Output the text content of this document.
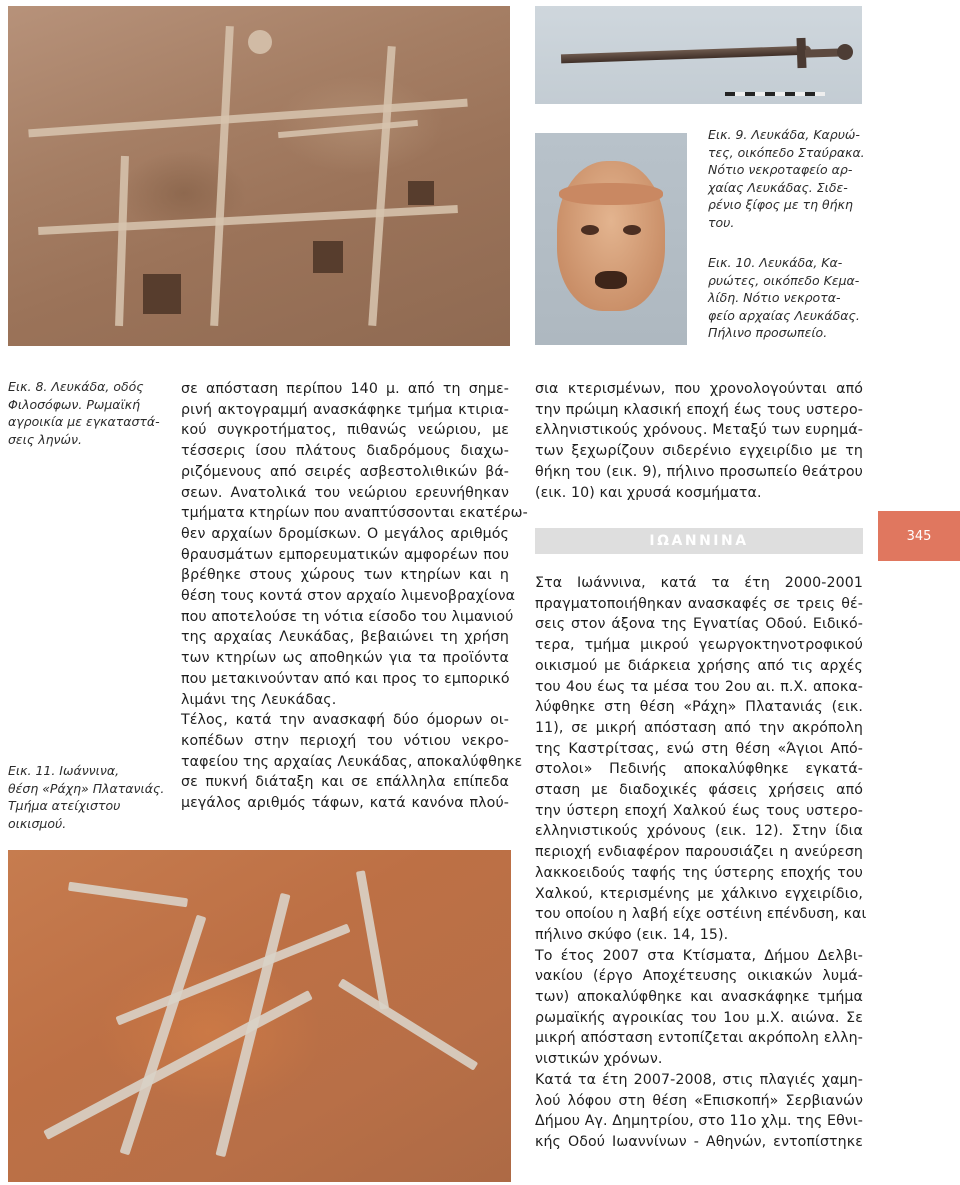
Εικ. 8. Λευκάδα, οδός
Φιλοσόφων. Ρωμαϊκή
αγροικία με εγκαταστά-
σεις ληνών.

Εικ. 9. Λευκάδα, Καρυώ-
τες, οικόπεδο Σταύρακα.
Νότιο νεκροταφείο αρ-
χαίας Λευκάδας. Σιδε-
ρένιο ξίφος με τη θήκη
του.

Εικ. 10. Λευκάδα, Κα-
ρυώτες, οικόπεδο Κεμα-
λίδη. Νότιο νεκροτα-
φείο αρχαίας Λευκάδας.
Πήλινο προσωπείο.

Εικ. 11. Ιωάννινα,
θέση «Ράχη» Πλατανιάς.
Τμήμα ατείχιστου
οικισμού.

σε απόσταση περίπου 140 μ. από τη σημε-
ρινή ακτογραμμή ανασκάφηκε τμήμα κτιρια-
κού συγκροτήματος, πιθανώς νεώριου, με
τέσσερις ίσου πλάτους διαδρόμους διαχω-
ριζόμενους από σειρές ασβεστολιθικών βά-
σεων. Ανατολικά του νεώριου ερευνήθηκαν
τμήματα κτηρίων που αναπτύσσονται εκατέρω-
θεν αρχαίων δρομίσκων. Ο μεγάλος αριθμός
θραυσμάτων εμπορευματικών αμφορέων που
βρέθηκε στους χώρους των κτηρίων και η
θέση τους κοντά στον αρχαίο λιμενοβραχίονα
που αποτελούσε τη νότια είσοδο του λιμανιού
της αρχαίας Λευκάδας, βεβαιώνει τη χρήση
των κτηρίων ως αποθηκών για τα προϊόντα
που μετακινούνταν από και προς το εμπορικό
λιμάνι της Λευκάδας.
Τέλος, κατά την ανασκαφή δύο όμορων οι-
κοπέδων στην περιοχή του νότιου νεκρο-
ταφείου της αρχαίας Λευκάδας, αποκαλύφθηκε
σε πυκνή διάταξη και σε επάλληλα επίπεδα
μεγάλος αριθμός τάφων, κατά κανόνα πλού-
σια κτερισμένων, που χρονολογούνται από
την πρώιμη κλασική εποχή έως τους υστερο-
ελληνιστικούς χρόνους. Μεταξύ των ευρημά-
των ξεχωρίζουν σιδερένιο εγχειρίδιο με τη
θήκη του (εικ. 9), πήλινο προσωπείο θεάτρου
(εικ. 10) και χρυσά κοσμήματα.
ΙΩΑΝΝΙΝΑ
Στα Ιωάννινα, κατά τα έτη 2000-2001
πραγματοποιήθηκαν ανασκαφές σε τρεις θέ-
σεις στον άξονα της Εγνατίας Οδού. Ειδικό-
τερα, τμήμα μικρού γεωργοκτηνοτροφικού
οικισμού με διάρκεια χρήσης από τις αρχές
του 4ου έως τα μέσα του 2ου αι. π.Χ. αποκα-
λύφθηκε στη θέση «Ράχη» Πλατανιάς (εικ.
11), σε μικρή απόσταση από την ακρόπολη
της Καστρίτσας, ενώ στη θέση «Άγιοι Από-
στολοι» Πεδινής αποκαλύφθηκε εγκατά-
σταση με διαδοχικές φάσεις χρήσεις από
την ύστερη εποχή Χαλκού έως τους υστερο-
ελληνιστικούς χρόνους (εικ. 12). Στην ίδια
περιοχή ενδιαφέρον παρουσιάζει η ανεύρεση
λακκοειδούς ταφής της ύστερης εποχής του
Χαλκού, κτερισμένης με χάλκινο εγχειρίδιο,
του οποίου η λαβή είχε οστέινη επένδυση, και
πήλινο σκύφο (εικ. 14, 15).
Το έτος 2007 στα Κτίσματα, Δήμου Δελβι-
νακίου (έργο Αποχέτευσης οικιακών λυμά-
των) αποκαλύφθηκε και ανασκάφηκε τμήμα
ρωμαϊκής αγροικίας του 1ου μ.Χ. αιώνα. Σε
μικρή απόσταση εντοπίζεται ακρόπολη ελλη-
νιστικών χρόνων.
Κατά τα έτη 2007-2008, στις πλαγιές χαμη-
λού λόφου στη θέση «Επισκοπή» Σερβιανών
Δήμου Αγ. Δημητρίου, στο 11ο χλμ. της Εθνι-
κής Οδού Ιωαννίνων - Αθηνών, εντοπίστηκε
345
